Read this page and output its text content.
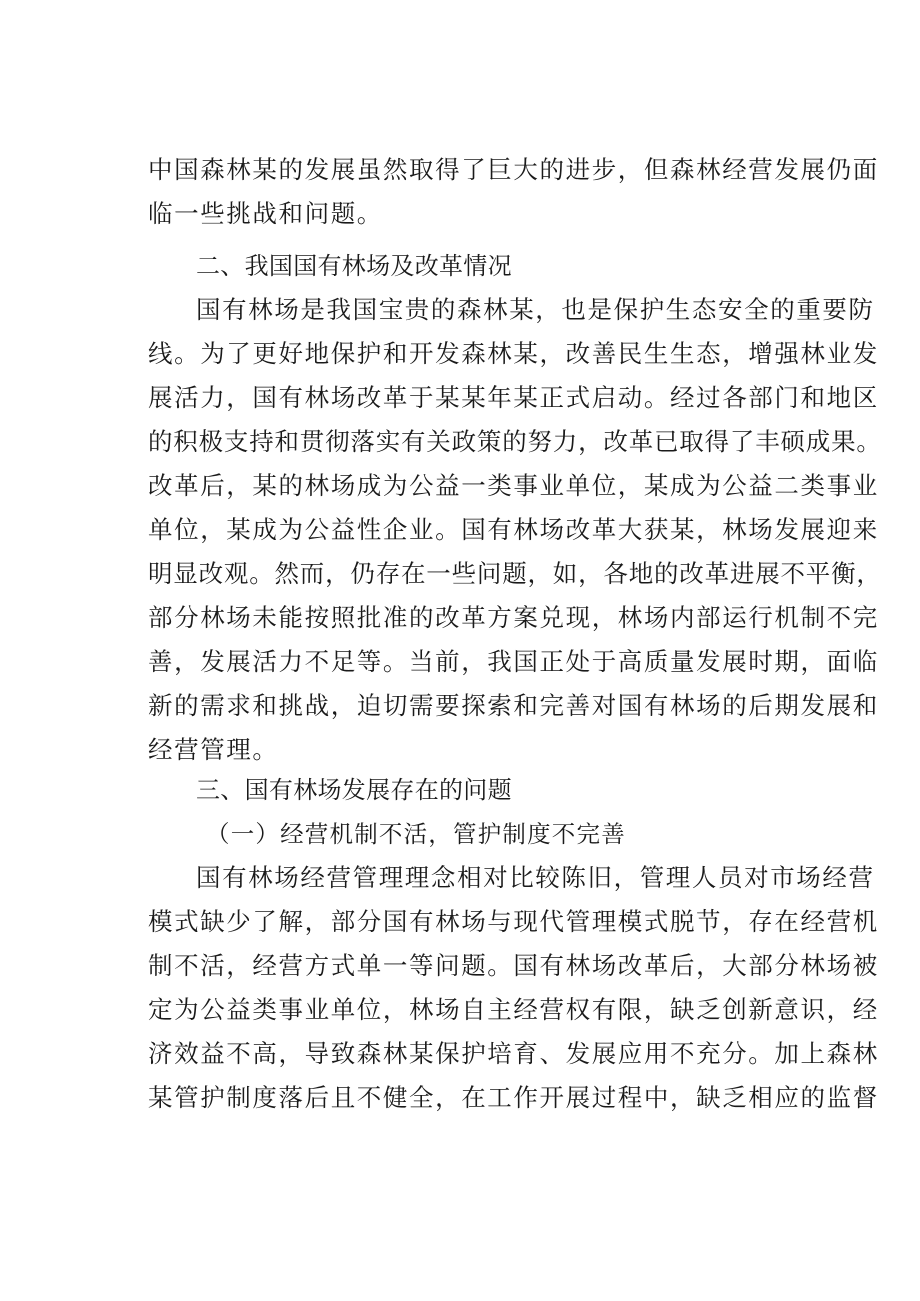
中国森林某的发展虽然取得了巨大的进步，但森林经营发展仍面
临一些挑战和问题。
二、我国国有林场及改革情况
国有林场是我国宝贵的森林某，也是保护生态安全的重要防
线。为了更好地保护和开发森林某，改善民生生态，增强林业发
展活力，国有林场改革于某某年某正式启动。经过各部门和地区
的积极支持和贯彻落实有关政策的努力，改革已取得了丰硕成果。
改革后，某的林场成为公益一类事业单位，某成为公益二类事业
单位，某成为公益性企业。国有林场改革大获某，林场发展迎来
明显改观。然而，仍存在一些问题，如，各地的改革进展不平衡，
部分林场未能按照批准的改革方案兑现，林场内部运行机制不完
善，发展活力不足等。当前，我国正处于高质量发展时期，面临
新的需求和挑战，迫切需要探索和完善对国有林场的后期发展和
经营管理。
三、国有林场发展存在的问题
（一）经营机制不活，管护制度不完善
国有林场经营管理理念相对比较陈旧，管理人员对市场经营
模式缺少了解，部分国有林场与现代管理模式脱节，存在经营机
制不活，经营方式单一等问题。国有林场改革后，大部分林场被
定为公益类事业单位，林场自主经营权有限，缺乏创新意识，经
济效益不高，导致森林某保护培育、发展应用不充分。加上森林
某管护制度落后且不健全，在工作开展过程中，缺乏相应的监督
